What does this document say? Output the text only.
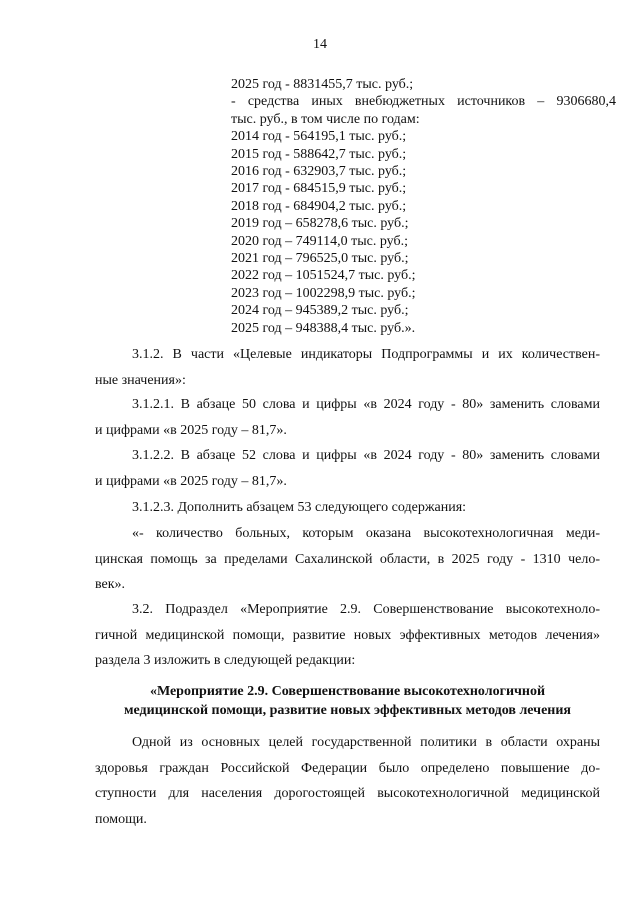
14
2025 год - 8831455,7 тыс. руб.;
- средства иных внебюджетных источников – 9306680,4
тыс. руб., в том числе по годам:
2014 год - 564195,1 тыс. руб.;
2015 год - 588642,7 тыс. руб.;
2016 год - 632903,7 тыс. руб.;
2017 год - 684515,9 тыс. руб.;
2018 год - 684904,2 тыс. руб.;
2019 год – 658278,6 тыс. руб.;
2020 год – 749114,0 тыс. руб.;
2021 год – 796525,0 тыс. руб.;
2022 год – 1051524,7 тыс. руб.;
2023 год – 1002298,9 тыс. руб.;
2024 год – 945389,2 тыс. руб.;
2025 год – 948388,4 тыс. руб.».
3.1.2. В части «Целевые индикаторы Подпрограммы и их количествен-
ные значения»:
3.1.2.1. В абзаце 50 слова и цифры «в 2024 году - 80» заменить словами
и цифрами «в 2025 году – 81,7».
3.1.2.2. В абзаце 52 слова и цифры «в 2024 году - 80» заменить словами
и цифрами «в 2025 году – 81,7».
3.1.2.3. Дополнить абзацем 53 следующего содержания:
«- количество больных, которым оказана высокотехнологичная меди-
цинская помощь за пределами Сахалинской области, в 2025 году - 1310 чело-
век».
3.2. Подраздел «Мероприятие 2.9. Совершенствование высокотехноло-
гичной медицинской помощи, развитие новых эффективных методов лечения»
раздела 3 изложить в следующей редакции:
«Мероприятие 2.9. Совершенствование высокотехнологичной
медицинской помощи, развитие новых эффективных методов лечения
Одной из основных целей государственной политики в области охраны
здоровья граждан Российской Федерации было определено повышение до-
ступности для населения дорогостоящей высокотехнологичной медицинской
помощи.
